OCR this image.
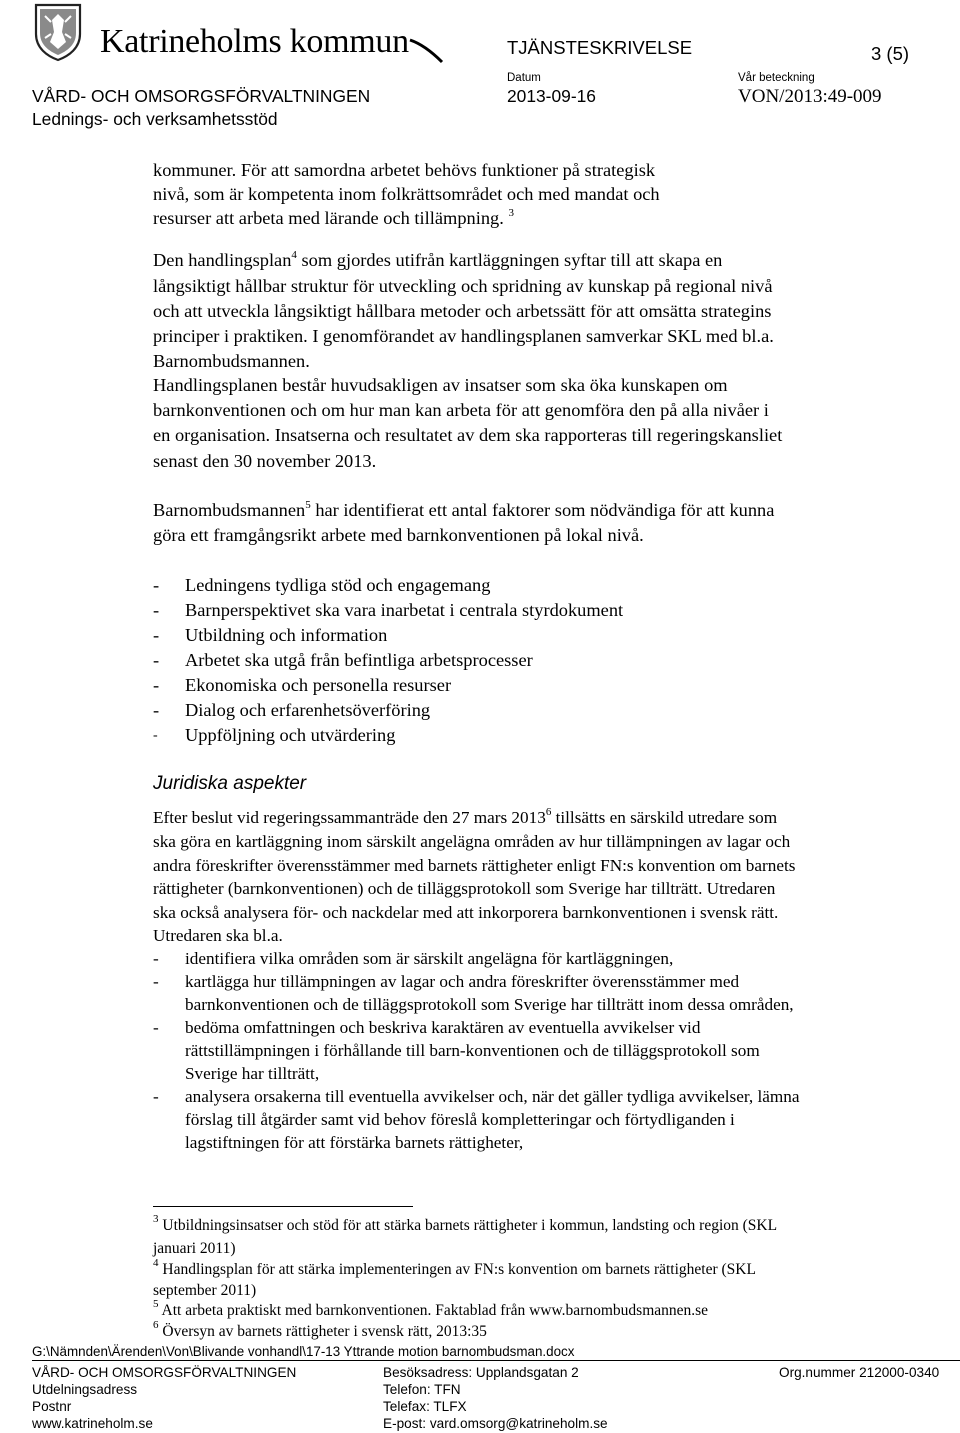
Katrineholms kommun	TJÄNSTESKRIVELSE	3 (5)
Datum	Vår beteckning
VÅRD- OCH OMSORGSFÖRVALTNINGEN	2013-09-16	VON/2013:49-009
Lednings- och verksamhetsstöd
kommuner. För att samordna arbetet behövs funktioner på strategisk
nivå, som är kompetenta inom folkrättsområdet och med mandat och
resurser att arbeta med lärande och tillämpning. $^3$
Den handlingsplan$^4$ som gjordes utifrån kartläggningen syftar till att skapa en
långsiktigt hållbar struktur för utveckling och spridning av kunskap på regional nivå
och att utveckla långsiktigt hållbara metoder och arbetssätt för att omsätta strategins
principer i praktiken. I genomförandet av handlingsplanen samverkar SKL med bl.a.
Barnombudsmannen.
Handlingsplanen består huvudsakligen av insatser som ska öka kunskapen om
barnkonventionen och om hur man kan arbeta för att genomföra den på alla nivåer i
en organisation. Insatserna och resultatet av dem ska rapporteras till regeringskansliet
senast den 30 november 2013.
Barnombudsmannen$^5$ har identifierat ett antal faktorer som nödvändiga för att kunna
göra ett framgångsrikt arbete med barnkonventionen på lokal nivå.
- Ledningens tydliga stöd och engagemang
- Barnperspektivet ska vara inarbetat i centrala styrdokument
- Utbildning och information
- Arbetet ska utgå från befintliga arbetsprocesser
- Ekonomiska och personella resurser
- Dialog och erfarenhetsöverföring
- Uppföljning och utvärdering
Juridiska aspekter
Efter beslut vid regeringssammanträde den 27 mars 2013$^6$ tillsätts en särskild utredare som
ska göra en kartläggning inom särskilt angelägna områden av hur tillämpningen av lagar och
andra föreskrifter överensstämmer med barnets rättigheter enligt FN:s konvention om barnets
rättigheter (barnkonventionen) och de tilläggsprotokoll som Sverige har tillträtt. Utredaren
ska också analysera för- och nackdelar med att inkorporera barnkonventionen i svensk rätt.
Utredaren ska bl.a.
- identifiera vilka områden som är särskilt angelägna för kartläggningen,
- kartlägga hur tillämpningen av lagar och andra föreskrifter överensstämmer med
barnkonventionen och de tilläggsprotokoll som Sverige har tillträtt inom dessa områden,
- bedöma omfattningen och beskriva karaktären av eventuella avvikelser vid
rättstillämpningen i förhållande till barn-konventionen och de tilläggsprotokoll som
Sverige har tillträtt,
- analysera orsakerna till eventuella avvikelser och, när det gäller tydliga avvikelser, lämna
förslag till åtgärder samt vid behov föreslå kompletteringar och förtydliganden i
lagstiftningen för att förstärka barnets rättigheter,
$^3$ Utbildningsinsatser och stöd för att stärka barnets rättigheter i kommun, landsting och region (SKL
januari 2011)
$^4$ Handlingsplan för att stärka implementeringen av FN:s konvention om barnets rättigheter (SKL
september 2011)
$^5$ Att arbeta praktiskt med barnkonventionen. Faktablad från www.barnombudsmannen.se
$^6$ Översyn av barnets rättigheter i svensk rätt, 2013:35
G:\Nämnden\Ärenden\Von\Blivande vonhandl\17-13 Yttrande motion barnombudsman.docx
VÅRD- OCH OMSORGSFÖRVALTNINGEN
Utdelningsadress
Postnr
www.katrineholm.se
Besöksadress: Upplandsgatan 2
Telefon: TFN
Telefax: TLFX
E-post: vard.omsorg@katrineholm.se
Org.nummer 212000-0340
